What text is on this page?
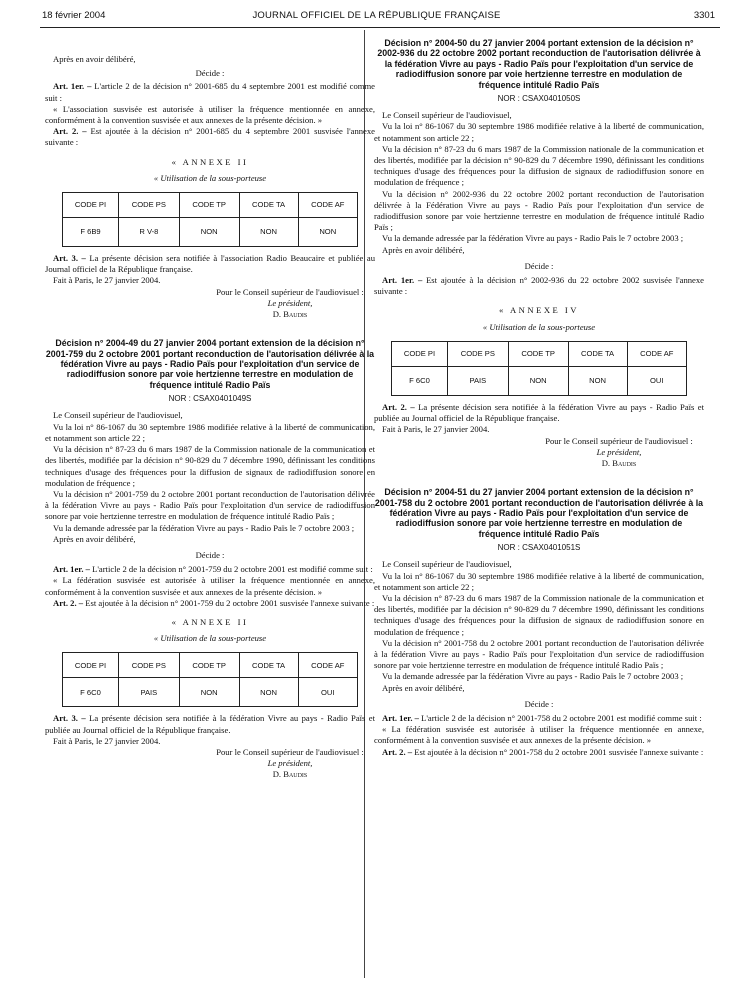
18 février 2004	JOURNAL OFFICIEL DE LA RÉPUBLIQUE FRANÇAISE	3301

Après en avoir délibéré,

Décide :

Art. 1er. – L'article 2 de la décision n° 2001-685 du 4 septembre 2001 est modifié comme suit :

« L'association susvisée est autorisée à utiliser la fréquence mentionnée en annexe, conformément à la convention susvisée et aux annexes de la présente décision. »

Art. 2. – Est ajoutée à la décision n° 2001-685 du 4 septembre 2001 susvisée l'annexe suivante :

« ANNEXE II
« Utilisation de la sous-porteuse
CODE PI	CODE PS	CODE TP	CODE TA	CODE AF
F 6B9	R V-8	NON	NON	NON

Art. 3. – La présente décision sera notifiée à l'association Radio Beaucaire et publiée au Journal officiel de la République française.

Fait à Paris, le 27 janvier 2004.

Pour le Conseil supérieur de l'audiovisuel :

Le président,

D. Baudis

Décision n° 2004-49 du 27 janvier 2004 portant extension de la décision n° 2001-759 du 2 octobre 2001 portant reconduction de l'autorisation délivrée à la fédération Vivre au pays - Radio Païs pour l'exploitation d'un service de radiodiffusion sonore par voie hertzienne terrestre en modulation de fréquence intitulé Radio Païs
NOR : CSAX0401049S

Le Conseil supérieur de l'audiovisuel,

Vu la loi n° 86-1067 du 30 septembre 1986 modifiée relative à la liberté de communication, et notamment son article 22 ;

Vu la décision n° 87-23 du 6 mars 1987 de la Commission nationale de la communication et des libertés, modifiée par la décision n° 90-829 du 7 décembre 1990, définissant les conditions techniques d'usage des fréquences pour la diffusion de signaux de radiodiffusion sonore en modulation de fréquence ;

Vu la décision n° 2001-759 du 2 octobre 2001 portant reconduction de l'autorisation délivrée à la fédération Vivre au pays - Radio Païs pour l'exploitation d'un service de radiodiffusion sonore par voie hertzienne terrestre en modulation de fréquence intitulé Radio Païs ;

Vu la demande adressée par la fédération Vivre au pays - Radio Païs le 7 octobre 2003 ;

Après en avoir délibéré,

Décide :

Art. 1er. – L'article 2 de la décision n° 2001-759 du 2 octobre 2001 est modifié comme suit :

« La fédération susvisée est autorisée à utiliser la fréquence mentionnée en annexe, conformément à la convention susvisée et aux annexes de la présente décision. »

Art. 2. – Est ajoutée à la décision n° 2001-759 du 2 octobre 2001 susvisée l'annexe suivante :

« ANNEXE II
« Utilisation de la sous-porteuse
CODE PI	CODE PS	CODE TP	CODE TA	CODE AF
F 6C0	PAIS	NON	NON	OUI

Art. 3. – La présente décision sera notifiée à la fédération Vivre au pays - Radio Païs et publiée au Journal officiel de la République française.

Fait à Paris, le 27 janvier 2004.

Pour le Conseil supérieur de l'audiovisuel :

Le président,

D. Baudis

Décision n° 2004-50 du 27 janvier 2004 portant extension de la décision n° 2002-936 du 22 octobre 2002 portant reconduction de l'autorisation délivrée à la fédération Vivre au pays - Radio Païs pour l'exploitation d'un service de radiodiffusion sonore par voie hertzienne terrestre en modulation de fréquence intitulé Radio Païs
NOR : CSAX0401050S

Le Conseil supérieur de l'audiovisuel,

Vu la loi n° 86-1067 du 30 septembre 1986 modifiée relative à la liberté de communication, et notamment son article 22 ;

Vu la décision n° 87-23 du 6 mars 1987 de la Commission nationale de la communication et des libertés, modifiée par la décision n° 90-829 du 7 décembre 1990, définissant les conditions techniques d'usage des fréquences pour la diffusion de signaux de radiodiffusion sonore en modulation de fréquence ;

Vu la décision n° 2002-936 du 22 octobre 2002 portant reconduction de l'autorisation délivrée à la Fédération Vivre au pays - Radio Païs pour l'exploitation d'un service de radiodiffusion sonore par voie hertzienne terrestre en modulation de fréquence intitulé Radio Païs ;

Vu la demande adressée par la fédération Vivre au pays - Radio Païs le 7 octobre 2003 ;

Après en avoir délibéré,

Décide :

Art. 1er. – Est ajoutée à la décision n° 2002-936 du 22 octobre 2002 susvisée l'annexe suivante :

« ANNEXE IV
« Utilisation de la sous-porteuse
CODE PI	CODE PS	CODE TP	CODE TA	CODE AF
F 6C0	PAIS	NON	NON	OUI

Art. 2. – La présente décision sera notifiée à la fédération Vivre au pays - Radio Païs et publiée au Journal officiel de la République française.

Fait à Paris, le 27 janvier 2004.

Pour le Conseil supérieur de l'audiovisuel :

Le président,

D. Baudis

Décision n° 2004-51 du 27 janvier 2004 portant extension de la décision n° 2001-758 du 2 octobre 2001 portant reconduction de l'autorisation délivrée à la fédération Vivre au pays - Radio Païs pour l'exploitation d'un service de radiodiffusion sonore par voie hertzienne terrestre en modulation de fréquence intitulé Radio Païs
NOR : CSAX0401051S

Le Conseil supérieur de l'audiovisuel,

Vu la loi n° 86-1067 du 30 septembre 1986 modifiée relative à la liberté de communication, et notamment son article 22 ;

Vu la décision n° 87-23 du 6 mars 1987 de la Commission nationale de la communication et des libertés, modifiée par la décision n° 90-829 du 7 décembre 1990, définissant les conditions techniques d'usage des fréquences pour la diffusion de signaux de radiodiffusion sonore en modulation de fréquence ;

Vu la décision n° 2001-758 du 2 octobre 2001 portant reconduction de l'autorisation délivrée à la fédération Vivre au pays - Radio Païs pour l'exploitation d'un service de radiodiffusion sonore par voie hertzienne terrestre en modulation de fréquence intitulé Radio Païs ;

Vu la demande adressée par la fédération Vivre au pays - Radio Païs le 7 octobre 2003 ;

Après en avoir délibéré,

Décide :

Art. 1er. – L'article 2 de la décision n° 2001-758 du 2 octobre 2001 est modifié comme suit :

« La fédération susvisée est autorisée à utiliser la fréquence mentionnée en annexe, conformément à la convention susvisée et aux annexes de la présente décision. »

Art. 2. – Est ajoutée à la décision n° 2001-758 du 2 octobre 2001 susvisée l'annexe suivante :
